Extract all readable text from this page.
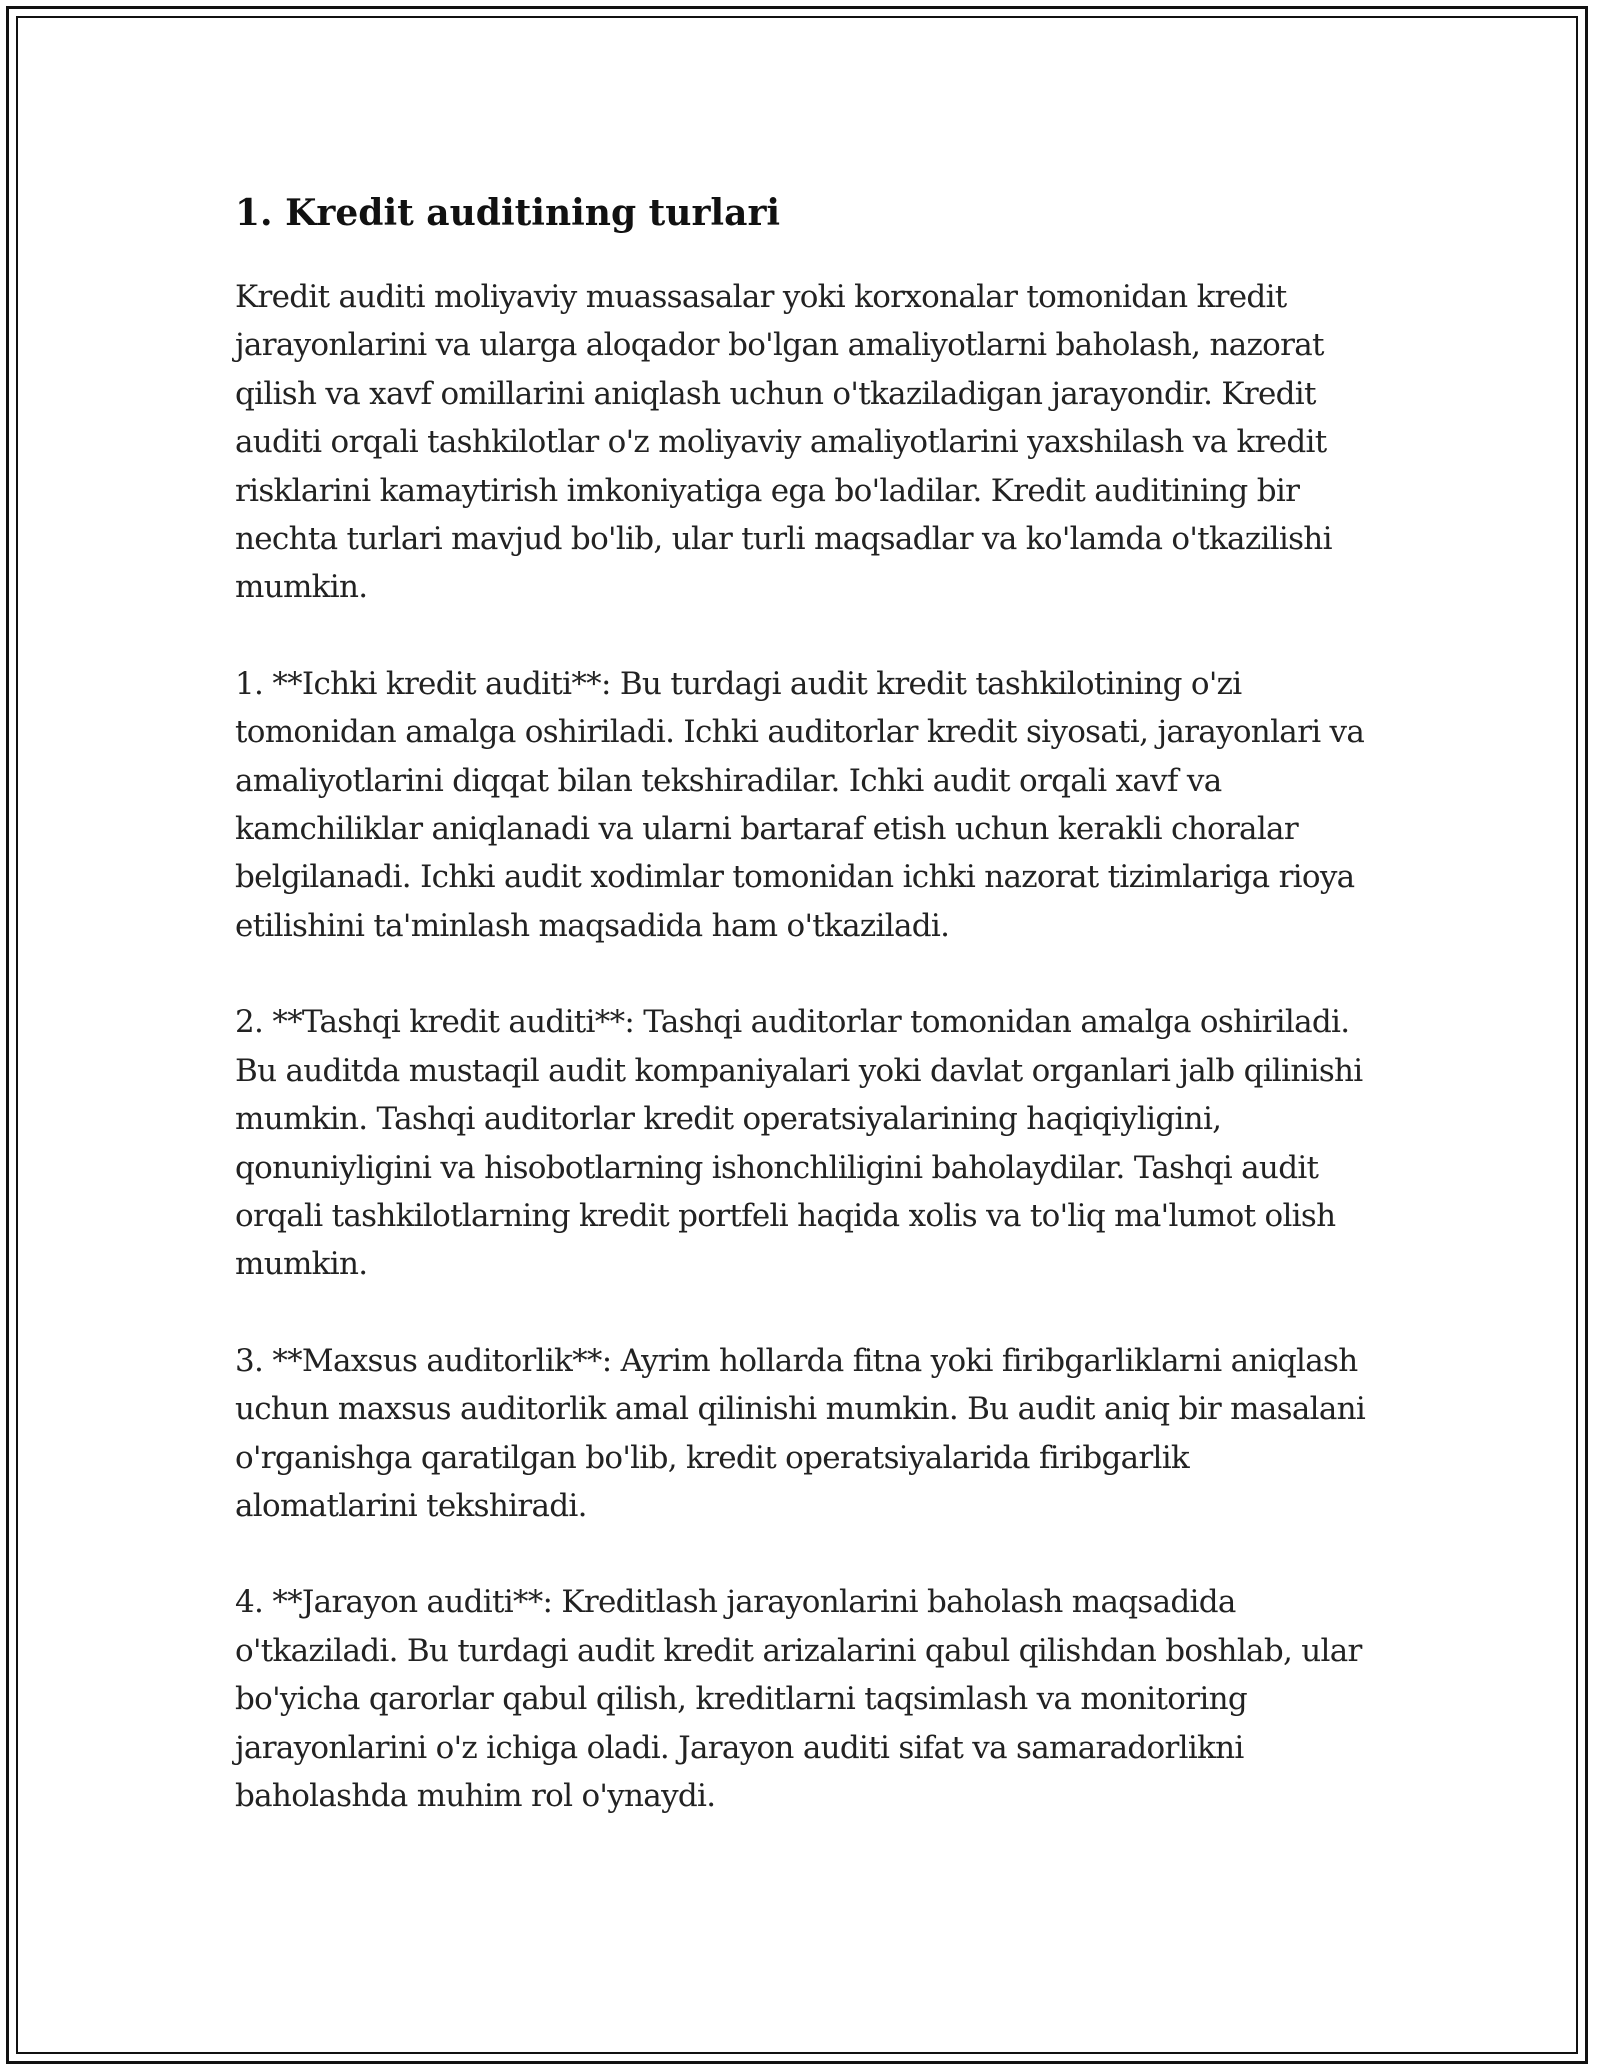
1. Kredit auditining turlari

Kredit auditi moliyaviy muassasalar yoki korxonalar tomonidan kredit jarayonlarini va ularga aloqador bo'lgan amaliyotlarni baholash, nazorat qilish va xavf omillarini aniqlash uchun o'tkaziladigan jarayondir. Kredit auditi orqali tashkilotlar o'z moliyaviy amaliyotlarini yaxshilash va kredit risklarini kamaytirish imkoniyatiga ega bo'ladilar. Kredit auditining bir nechta turlari mavjud bo'lib, ular turli maqsadlar va ko'lamda o'tkazilishi mumkin.

1. **Ichki kredit auditi**: Bu turdagi audit kredit tashkilotining o'zi tomonidan amalga oshiriladi. Ichki auditorlar kredit siyosati, jarayonlari va amaliyotlarini diqqat bilan tekshiradilar. Ichki audit orqali xavf va kamchiliklar aniqlanadi va ularni bartaraf etish uchun kerakli choralar belgilanadi. Ichki audit xodimlar tomonidan ichki nazorat tizimlariga rioya etilishini ta'minlash maqsadida ham o'tkaziladi.

2. **Tashqi kredit auditi**: Tashqi auditorlar tomonidan amalga oshiriladi. Bu auditda mustaqil audit kompaniyalari yoki davlat organlari jalb qilinishi mumkin. Tashqi auditorlar kredit operatsiyalarining haqiqiyligini, qonuniyligini va hisobotlarning ishonchliligini baholaydilar. Tashqi audit orqali tashkilotlarning kredit portfeli haqida xolis va to'liq ma'lumot olish mumkin.

3. **Maxsus auditorlik**: Ayrim hollarda fitna yoki firibgarliklarni aniqlash uchun maxsus auditorlik amal qilinishi mumkin. Bu audit aniq bir masalani o'rganishga qaratilgan bo'lib, kredit operatsiyalarida firibgarlik alomatlarini tekshiradi.

4. **Jarayon auditi**: Kreditlash jarayonlarini baholash maqsadida o'tkaziladi. Bu turdagi audit kredit arizalarini qabul qilishdan boshlab, ular bo'yicha qarorlar qabul qilish, kreditlarni taqsimlash va monitoring jarayonlarini o'z ichiga oladi. Jarayon auditi sifat va samaradorlikni baholashda muhim rol o'ynaydi.
